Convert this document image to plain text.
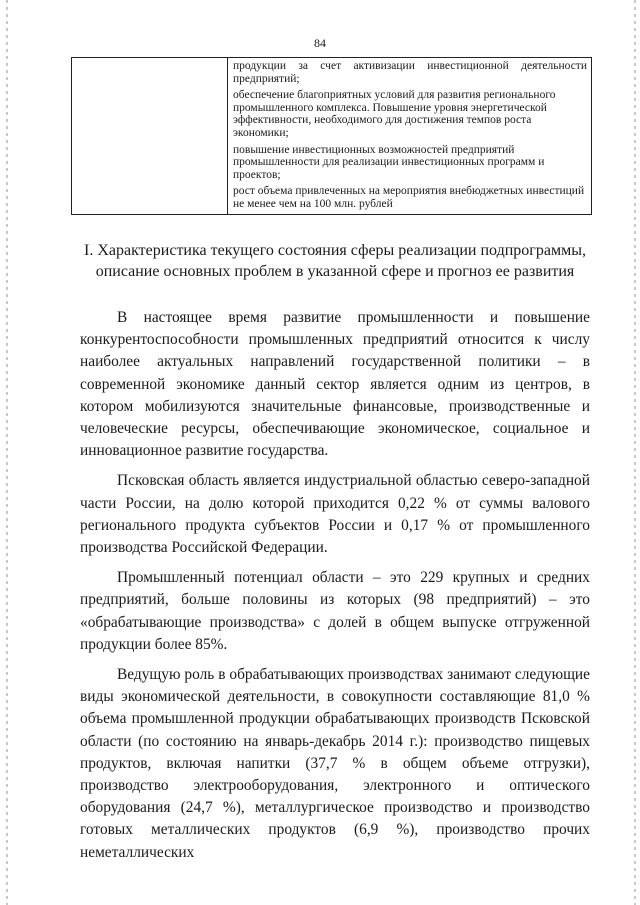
84

продукции за счет активизации инвестиционной деятельности предприятий;

обеспечение благоприятных условий для развития регионального промышленного комплекса. Повышение уровня энергетической эффективности, необходимого для достижения темпов роста экономики;

повышение инвестиционных возможностей предприятий промышленности для реализации инвестиционных программ и проектов;

рост объема привлеченных на мероприятия внебюджетных инвестиций не менее чем на 100 млн. рублей

I. Характеристика текущего состояния сферы реализации подпрограммы,
описание основных проблем в указанной сфере и прогноз ее развития

В настоящее время развитие промышленности и повышение конкурентоспособности промышленных предприятий относится к числу наиболее актуальных направлений государственной политики – в современной экономике данный сектор является одним из центров, в котором мобилизуются значительные финансовые, производственные и человеческие ресурсы, обеспечивающие экономическое, социальное и инновационное развитие государства.

Псковская область является индустриальной областью северо-западной части России, на долю которой приходится 0,22 % от суммы валового регионального продукта субъектов России и 0,17 % от промышленного производства Российской Федерации.

Промышленный потенциал области – это 229 крупных и средних предприятий, больше половины из которых (98 предприятий) – это «обрабатывающие производства» с долей в общем выпуске отгруженной продукции более 85%.

Ведущую роль в обрабатывающих производствах занимают следующие виды экономической деятельности, в совокупности составляющие 81,0 % объема промышленной продукции обрабатывающих производств Псковской области (по состоянию на январь-декабрь 2014 г.): производство пищевых продуктов, включая напитки (37,7 % в общем объеме отгрузки), производство электрооборудования, электронного и оптического оборудования (24,7 %), металлургическое производство и производство готовых металлических продуктов (6,9 %), производство прочих неметаллических
